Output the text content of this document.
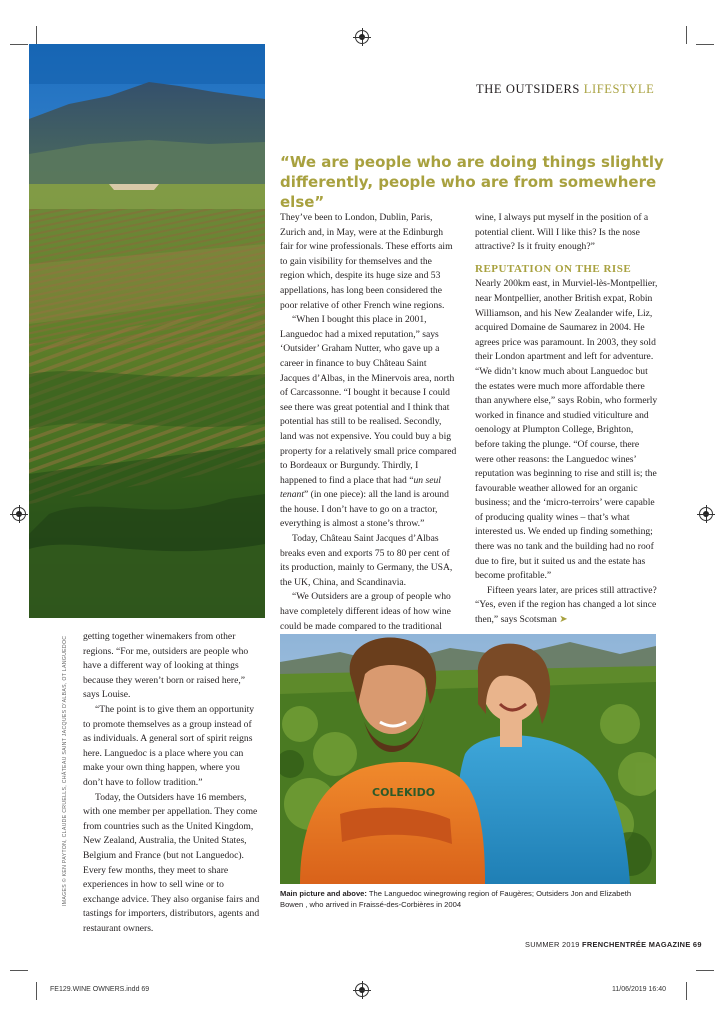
THE OUTSIDERS LIFESTYLE
“We are people who are doing things slightly differently, people who are from somewhere else”

They’ve been to London, Dublin, Paris, Zurich and, in May, were at the Edinburgh fair for wine professionals. These efforts aim to gain visibility for themselves and the region which, despite its huge size and 53 appellations, has long been considered the poor relative of other French wine regions.

“When I bought this place in 2001, Languedoc had a mixed reputation,” says ‘Outsider’ Graham Nutter, who gave up a career in finance to buy Château Saint Jacques d’Albas, in the Minervois area, north of Carcassonne. “I bought it because I could see there was great potential and I think that potential has still to be realised. Secondly, land was not expensive. You could buy a big property for a relatively small price compared to Bordeaux or Burgundy. Thirdly, I happened to find a place that had “un seul tenant” (in one piece): all the land is around the house. I don’t have to go on a tractor, everything is almost a stone’s throw.”

Today, Château Saint Jacques d’Albas breaks even and exports 75 to 80 per cent of its production, mainly to Germany, the USA, the UK, China, and Scandinavia.

“We Outsiders are a group of people who have completely different ideas of how wine could be made compared to the traditional

wine, I always put myself in the position of a potential client. Will I like this? Is the nose attractive? Is it fruity enough?”

REPUTATION ON THE RISE

Nearly 200km east, in Murviel-lès-Montpellier, near Montpellier, another British expat, Robin Williamson, and his New Zealander wife, Liz, acquired Domaine de Saumarez in 2004. He agrees price was paramount. In 2003, they sold their London apartment and left for adventure. “We didn’t know much about Languedoc but the estates were much more affordable there than anywhere else,” says Robin, who formerly worked in finance and studied viticulture and oenology at Plumpton College, Brighton, before taking the plunge. “Of course, there were other reasons: the Languedoc wines’ reputation was beginning to rise and still is; the favourable weather allowed for an organic business; and the ‘micro-terroirs’ were capable of producing quality wines – that’s what interested us. We ended up finding something; there was no tank and the building had no roof due to fire, but it suited us and the estate has become profitable.”

Fifteen years later, are prices still attractive? “Yes, even if the region has changed a lot since then,” says Scotsman ➤

IMAGES © KEN PAYTON, CLAUDE CRUELLS, CHÂTEAU SAINT JACQUES D’ALBAS, OT LANGUEDOC getting together winemakers from other regions. “For me, outsiders are people who have a different way of looking at things because they weren’t born or raised here,” says Louise.

“The point is to give them an opportunity to promote themselves as a group instead of as individuals. A general sort of spirit reigns here. Languedoc is a place where you can make your own thing happen, where you don’t have to follow tradition.”

Today, the Outsiders have 16 members, with one member per appellation. They come from countries such as the United Kingdom, New Zealand, Australia, the United States, Belgium and France (but not Languedoc). Every few months, they meet to share experiences in how to sell wine or to exchange advice. They also organise fairs and tastings for importers, distributors, agents and restaurant owners.

COLEKIDO
Main picture and above: The Languedoc winegrowing region of Faugères; Outsiders Jon and Elizabeth Bowen , who arrived in Fraissé-des-Corbières in 2004
SUMMER 2019 FRENCHENTRÉE MAGAZINE 69
FE129.WINE OWNERS.indd 69	11/06/2019 16:40
